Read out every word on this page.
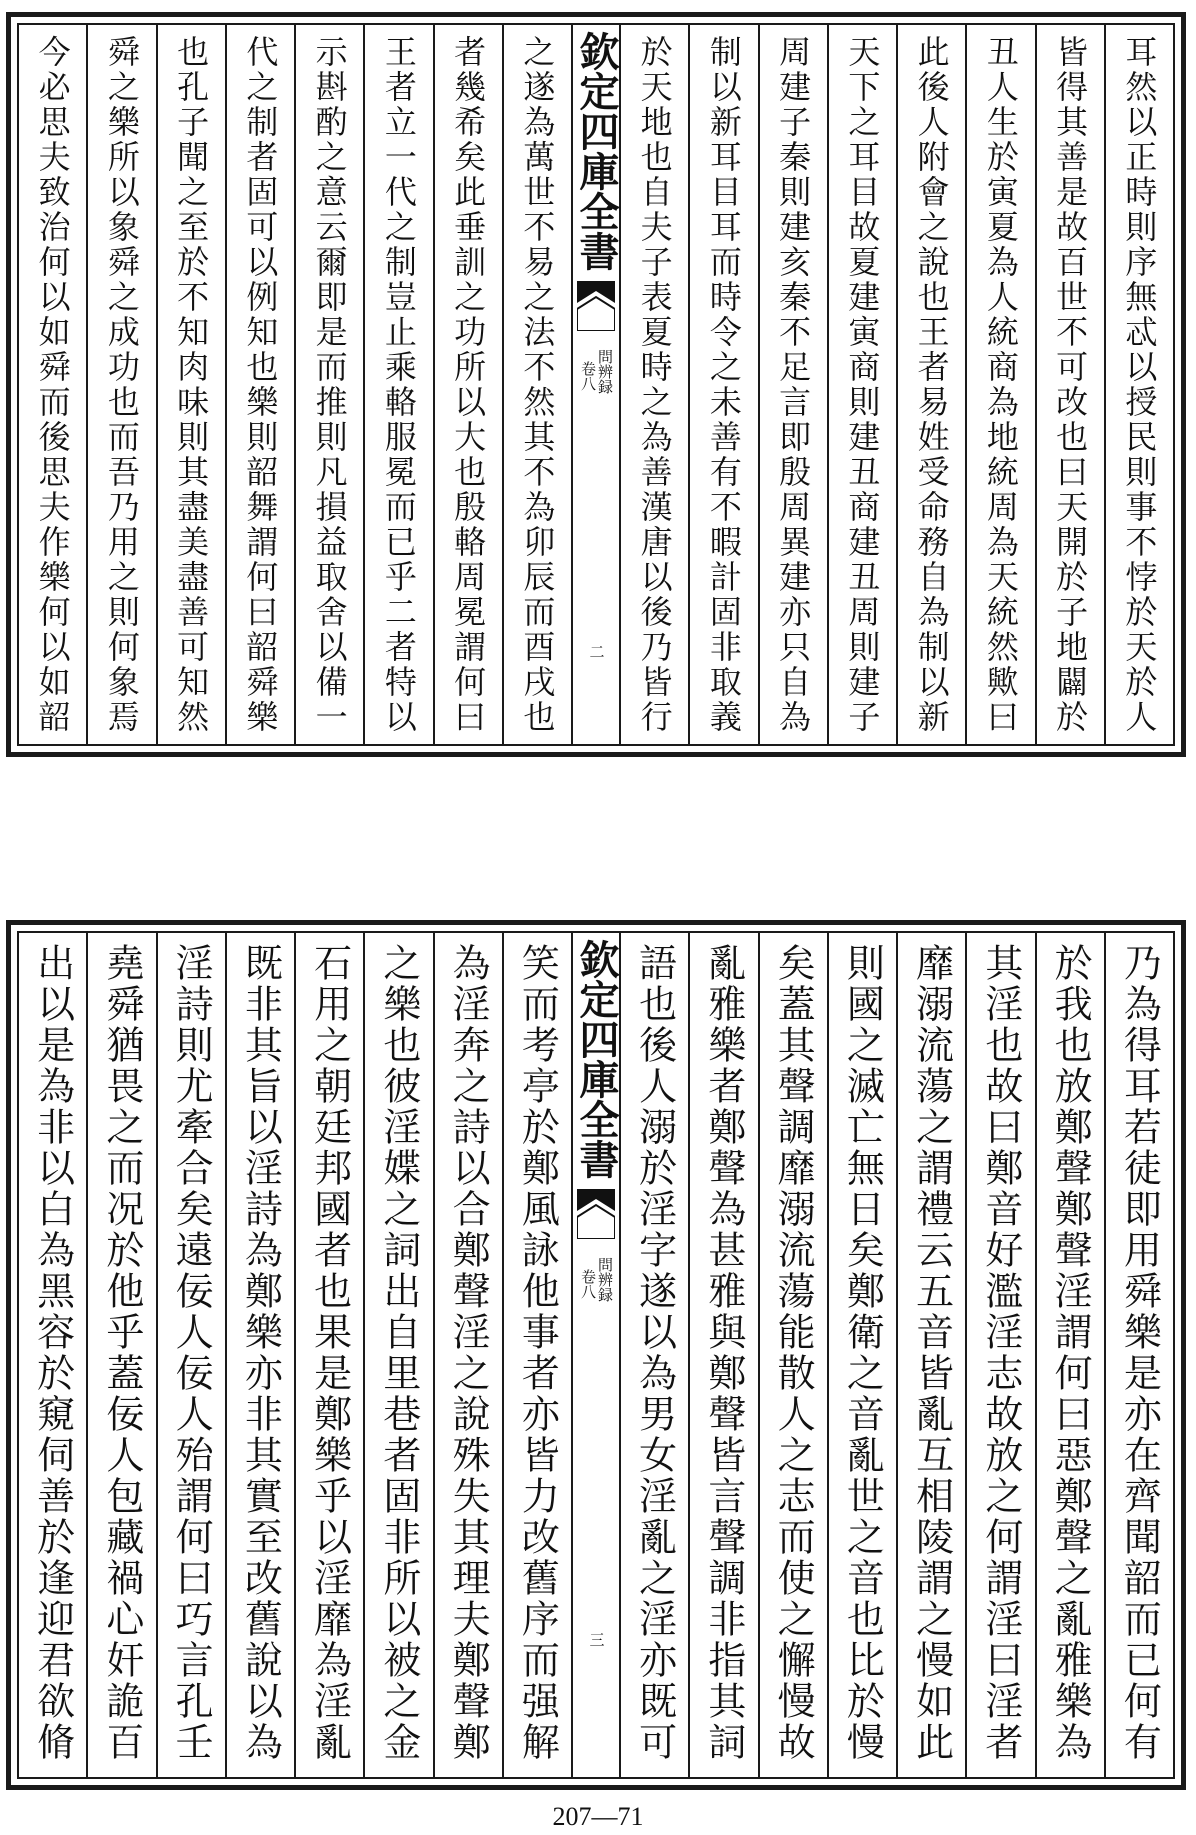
耳然以正時則序無忒以授民則事不悖於天於人
皆得其善是故百世不可改也曰天開於子地闢於
丑人生於寅夏為人統商為地統周為天統然歟曰
此後人附會之說也王者易姓受命務自為制以新
天下之耳目故夏建寅商則建丑商建丑周則建子
周建子秦則建亥秦不足言即殷周異建亦只自為
制以新耳目耳而時令之未善有不暇計固非取義
於天地也自夫子表夏時之為善漢唐以後乃皆行
欽定四庫全書
問辨録
卷八
二
之遂為萬世不易之法不然其不為卯辰而酉戌也
者幾希矣此垂訓之功所以大也殷輅周冕謂何曰
王者立一代之制豈止乘輅服冕而已乎二者特以
示斟酌之意云爾即是而推則凡損益取舍以備一
代之制者固可以例知也樂則韶舞謂何曰韶舜樂
也孔子聞之至於不知肉味則其盡美盡善可知然
舜之樂所以象舜之成功也而吾乃用之則何象焉
今必思夫致治何以如舜而後思夫作樂何以如韶
乃為得耳若徒即用舜樂是亦在齊聞韶而已何有
於我也放鄭聲鄭聲淫謂何曰惡鄭聲之亂雅樂為
其淫也故曰鄭音好濫淫志故放之何謂淫曰淫者
靡溺流蕩之謂禮云五音皆亂互相陵謂之慢如此
則國之滅亡無日矣鄭衛之音亂世之音也比於慢
矣蓋其聲調靡溺流蕩能散人之志而使之懈慢故
亂雅樂者鄭聲為甚雅與鄭聲皆言聲調非指其詞
語也後人溺於淫字遂以為男女淫亂之淫亦既可
欽定四庫全書
問辨録
卷八
三
笑而考亭於鄭風詠他事者亦皆力改舊序而强解
為淫奔之詩以合鄭聲淫之說殊失其理夫鄭聲鄭
之樂也彼淫媟之詞出自里巷者固非所以被之金
石用之朝廷邦國者也果是鄭樂乎以淫靡為淫亂
既非其旨以淫詩為鄭樂亦非其實至改舊說以為
淫詩則尤牽合矣遠佞人佞人殆謂何曰巧言孔壬
堯舜猶畏之而况於他乎蓋佞人包藏禍心奸詭百
出以是為非以白為黑容於窺伺善於逢迎君欲脩
207—71
